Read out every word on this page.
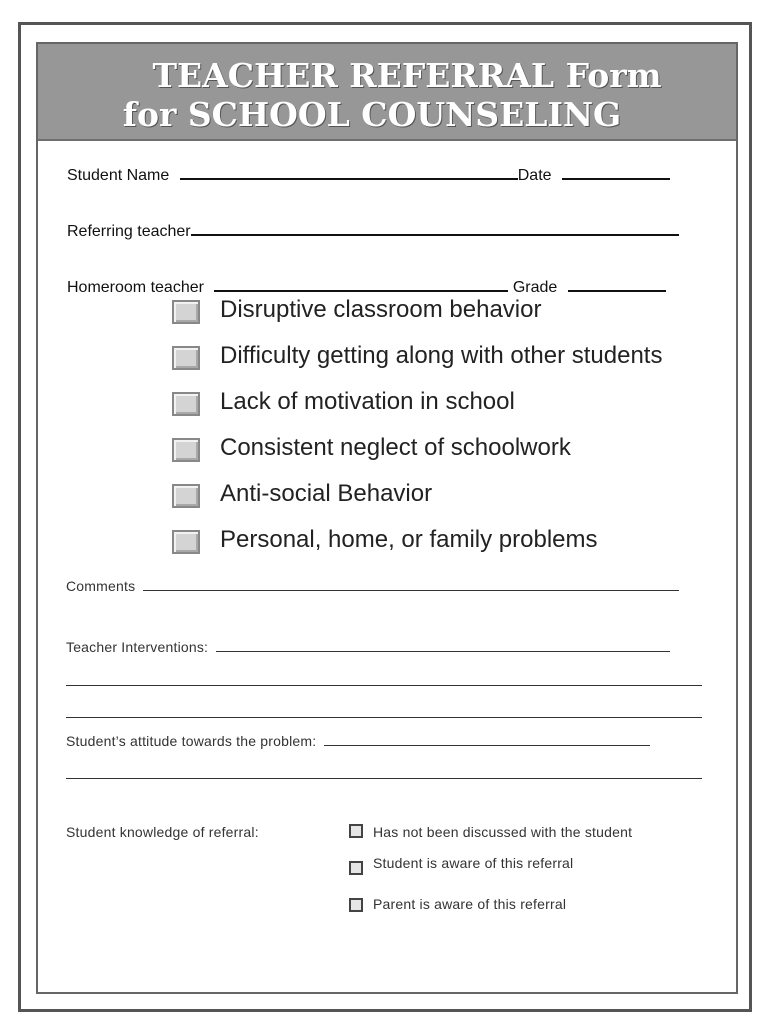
TEACHER REFERRAL Form
for SCHOOL COUNSELING
Student Name	Date
Referring teacher
Homeroom teacher	Grade
Disruptive classroom behavior
Difficulty getting along with other students
Lack of motivation in school
Consistent neglect of schoolwork
Anti-social Behavior
Personal, home, or family problems
Comments
Teacher Interventions:
Student’s attitude towards the problem:
Student knowledge of referral:	Has not been discussed with the student
Student is aware of this referral
Parent is aware of this referral
